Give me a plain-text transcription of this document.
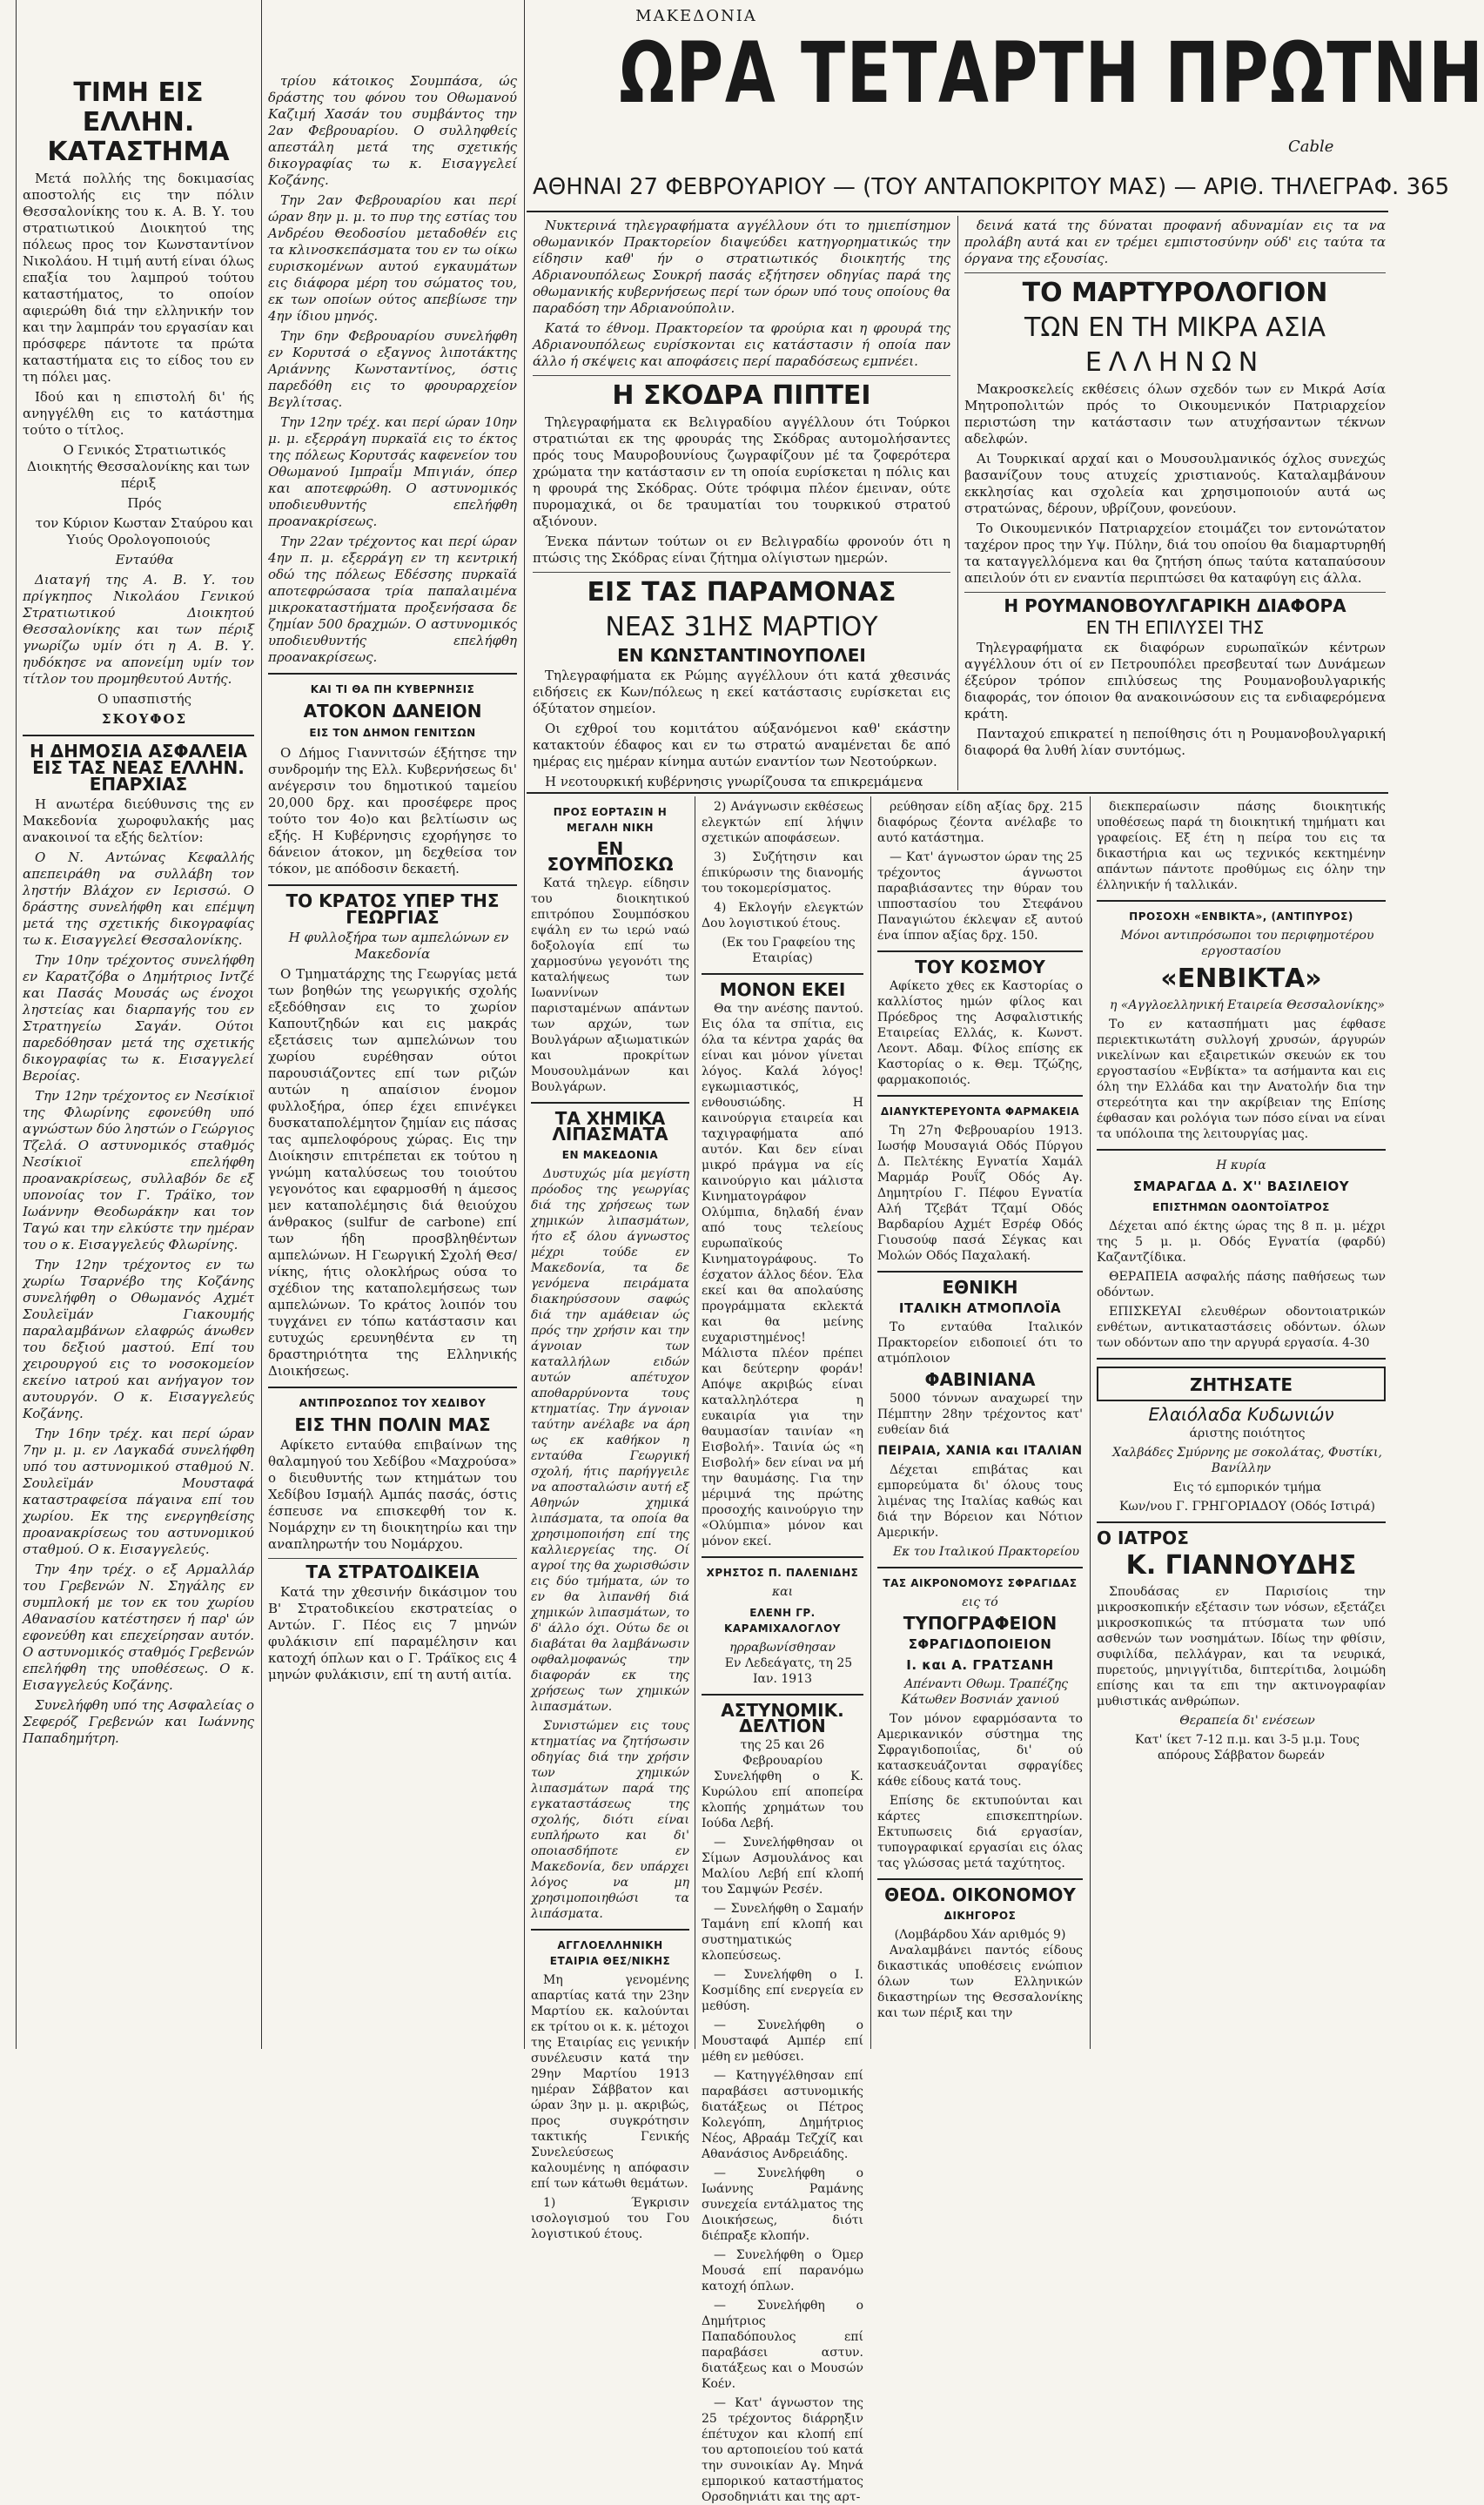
ΜΑΚΕΔΟΝΙΑ
ΩΡΑ ΤΕΤΑΡΤΗ ΠΡΩΤΝΗ
Cable
ΑΘΗΝΑΙ 27 ΦΕΒΡΟΥΑΡΙΟΥ — (ΤΟΥ ΑΝΤΑΠΟΚΡΙΤΟΥ ΜΑΣ) — ΑΡΙΘ. ΤΗΛΕΓΡΑΦ. 365
ΤΙΜΗ ΕΙΣ ΕΛΛΗΝ. ΚΑΤΑΣΤΗΜΑ

Μετά πολλής της δοκιμασίας αποστολής εις την πόλιν Θεσσαλονίκης του κ. Α. Β. Υ. του στρατιωτικού Διοικητού της πόλεως προς τον Κωνσταντίνον Νικολάου. Η τιμή αυτή είναι όλως επαξία του λαμπρού τούτου καταστήματος, το οποίον αφιερώθη διά την ελληνικήν τον και την λαμπράν του εργασίαν και πρόσφερε πάντοτε τα πρώτα καταστήματα εις το είδος του εν τη πόλει μας.

Ιδού και η επιστολή δι' ής ανηγγέλθη εις το κατάστημα τούτο ο τίτλος.

Ο Γενικός Στρατιωτικός Διοικητής Θεσσαλονίκης και των πέριξ

Πρός

τον Κύριον Κωσταν Σταύρου και Υιούς Ορολογοποιούς

Ενταύθα

Διαταγή της Α. Β. Υ. του πρίγκηπος Νικολάου Γενικού Στρατιωτικού Διοικητού Θεσσαλονίκης και των πέριξ γνωρίζω υμίν ότι η Α. Β. Υ. ηυδόκησε να απονείμη υμίν τον τίτλον του προμηθευτού Αυτής.

Ο υπασπιστής

ΣΚΟΥΦΟΣ

Η ΔΗΜΟΣΙΑ ΑΣΦΑΛΕΙΑ ΕΙΣ ΤΑΣ ΝΕΑΣ ΕΛΛΗΝ. ΕΠΑΡΧΙΑΣ

Η ανωτέρα διεύθυνσις της εν Μακεδονία χωροφυλακής μας ανακοινοί τα εξής δελτίον:

Ο Ν. Αντώνας Κεφαλλής απεπειράθη να συλλάβη τον ληστήν Βλάχον εν Ιερισσώ. Ο δράστης συνελήφθη και επέμψη μετά της σχετικής δικογραφίας τω κ. Εισαγγελεί Θεσσαλονίκης.

Την 10ην τρέχοντος συνελήφθη εν Καρατζόβα ο Δημήτριος Ιντζέ και Πασάς Μουσάς ως ένοχοι ληστείας και διαρπαγής του εν Στρατηγείω Σαγάν. Ούτοι παρεδόθησαν μετά της σχετικής δικογραφίας τω κ. Εισαγγελεί Βεροίας.

Την 12ην τρέχοντος εν Νεσίκιοϊ της Φλωρίνης εφονεύθη υπό αγνώστων δύο ληστών ο Γεώργιος Τζελά. Ο αστυνομικός σταθμός Νεσίκιοϊ επελήφθη προανακρίσεως, συλλαβόν δε εξ υπονοίας τον Γ. Τράϊκο, τον Ιωάννην Θεοδωράκην και τον Ταγώ και την ελκύστε την ημέραν του ο κ. Εισαγγελεύς Φλωρίνης.

Την 12ην τρέχοντος εν τω χωρίω Τσαρνέβο της Κοζάνης συνελήφθη ο Οθωμανός Αχμέτ Σουλεϊμάν Γιακουμής παραλαμβάνων ελαφρώς άνωθεν του δεξιού μαστού. Επί του χειρουργού εις το νοσοκομείον εκείνο ιατρού και ανήγαγον τον αυτουργόν. Ο κ. Εισαγγελεύς Κοζάνης.

Την 16ην τρέχ. και περί ώραν 7ην μ. μ. εν Λαγκαδά συνελήφθη υπό του αστυνομικού σταθμού Ν. Σουλεϊμάν Μουσταφά καταστραφείσα πάγαινα επί του χωρίου. Εκ της ενεργηθείσης προανακρίσεως του αστυνομικού σταθμού. Ο κ. Εισαγγελεύς.

Την 4ην τρέχ. ο εξ Αρμαλλάρ του Γρεβενών Ν. Σηγάλης εν συμπλοκή με τον εκ του χωρίου Αθανασίου κατέστησεν ή παρ' ών εφονεύθη και επεχείρησαν αυτόν. Ο αστυνομικός σταθμός Γρεβενών επελήφθη της υποθέσεως. Ο κ. Εισαγγελεύς Κοζάνης.

Συνελήφθη υπό της Ασφαλείας ο Σεφερόζ Γρεβενών και Ιωάννης Παπαδημήτρη.

τρίου κάτοικος Σουμπάσα, ώς δράστης του φόνου του Οθωμανού Καζιμή Χασάν του συμβάντος την 2αν Φεβρουαρίου. Ο συλληφθείς απεστάλη μετά της σχετικής δικογραφίας τω κ. Εισαγγελεί Κοζάνης.

Την 2αν Φεβρουαρίου και περί ώραν 8ην μ. μ. το πυρ της εστίας του Ανδρέου Θεοδοσίου μεταδοθέν εις τα κλινοσκεπάσματα του εν τω οίκω ευρισκομένων αυτού εγκαυμάτων εις διάφορα μέρη του σώματος του, εκ των οποίων ούτος απεβίωσε την 4ην ίδιου μηνός.

Την 6ην Φεβρουαρίου συνελήφθη εν Κορυτσά ο εξαγνος λιποτάκτης Αριάννης Κωνσταντίνος, όστις παρεδόθη εις το φρουραρχείον Βεγλίτσας.

Την 12ην τρέχ. και περί ώραν 10ην μ. μ. εξερράγη πυρκαϊά εις το έκτος της πόλεως Κορυτσάς καφενείον του Οθωμανού Ιμπραΐμ Μπιγιάν, όπερ και αποτεφρώθη. Ο αστυνομικός υποδιευθυντής επελήφθη προανακρίσεως.

Την 22αν τρέχοντος και περί ώραν 4ην π. μ. εξερράγη εν τη κεντρική οδώ της πόλεως Εδέσσης πυρκαϊά αποτεφρώσασα τρία παπαλαιμένα μικροκαταστήματα προξενήσασα δε ζημίαν 500 δραχμών. Ο αστυνομικός υποδιευθυντής επελήφθη προανακρίσεως.

ΚΑΙ ΤΙ ΘΑ ΠΗ ΚΥΒΕΡΝΗΣΙΣ
ΑΤΟΚΟΝ ΔΑΝΕΙΟΝ
ΕΙΣ ΤΟΝ ΔΗΜΟΝ ΓΕΝΙΤΣΩΝ

Ο Δήμος Γιαννιτσών έξήτησε την συνδρομήν της Ελλ. Κυβερνήσεως δι' ανέγερσιν του δημοτικού ταμείου 20,000 δρχ. και προσέφερε προς τούτο τον 4ο)ο και βελτίωσιν ως εξής. Η Κυβέρνησις εχορήγησε το δάνειον άτοκον, μη δεχθείσα τον τόκον, με απόδοσιν δεκαετή.

ΤΟ ΚΡΑΤΟΣ ΥΠΕΡ ΤΗΣ ΓΕΩΡΓΙΑΣ

Η φυλλοξήρα των αμπελώνων εν Μακεδονία

Ο Τμηματάρχης της Γεωργίας μετά των βοηθών της γεωργικής σχολής εξεδόθησαν εις το χωρίον Καπουτζηδών και εις μακράς εξετάσεις των αμπελώνων του χωρίου ευρέθησαν ούτοι παρουσιάζοντες επί των ριζών αυτών η απαίσιον ένομον φυλλοξήρα, όπερ έχει επινέγκει δυσκαταπολέμητον ζημίαν εις πάσας τας αμπελοφόρους χώρας. Εις την Διοίκησιν επιτρέπεται εκ τούτου η γνώμη καταλύσεως του τοιούτου γεγονότος και εφαρμοσθή η άμεσος μεν καταπολέμησις διά θειούχου άνθρακος (sulfur de carbone) επί των ήδη προσβληθέντων αμπελώνων. Η Γεωργική Σχολή Θεσ/νίκης, ήτις ολοκλήρως ούσα το σχέδιον της καταπολεμήσεως των αμπελώνων. Το κράτος λοιπόν του τυγχάνει εν τόπω κατάστασιν και ευτυχώς ερευνηθέντα εν τη δραστηριότητα της Ελληνικής Διοικήσεως.

ΑΝΤΙΠΡΟΣΩΠΟΣ ΤΟΥ ΧΕΔΙΒΟΥ
ΕΙΣ ΤΗΝ ΠΟΛΙΝ ΜΑΣ

Αφίκετο ενταύθα επιβαίνων της θαλαμηγού του Χεδίβου «Μαχρούσα» ο διευθυντής των κτημάτων του Χεδίβου Ισμαήλ Αμπάς πασάς, όστις έσπευσε να επισκεφθή τον κ. Νομάρχην εν τη διοικητηρίω και την αναπληρωτήν του Νομάρχου.

ΤΑ ΣΤΡΑΤΟΔΙΚΕΙΑ

Κατά την χθεσινήν δικάσιμον του Β' Στρατοδικείου εκστρατείας ο Αντών. Γ. Πέος εις 7 μηνών φυλάκισιν επί παραμέλησιν και κατοχή όπλων και ο Γ. Τράϊκος εις 4 μηνών φυλάκισιν, επί τη αυτή αιτία.

Νυκτερινά τηλεγραφήματα αγγέλλουν ότι το ημιεπίσημον οθωμανικόν Πρακτορείον διαψεύδει κατηγορηματικώς την είδησιν καθ' ήν ο στρατιωτικός διοικητής της Αδριανουπόλεως Σουκρή πασάς εξήτησεν οδηγίας παρά της οθωμανικής κυβερνήσεως περί των όρων υπό τους οποίους θα παραδόση την Αδριανούπολιν.

Κατά το έθνομ. Πρακτορείον τα φρούρια και η φρουρά της Αδριανουπόλεως ευρίσκονται εις κατάστασιν ή οποία παν άλλο ή σκέψεις και αποφάσεις περί παραδόσεως εμπνέει.

Η ΣΚΟΔΡΑ ΠΙΠΤΕΙ

Τηλεγραφήματα εκ Βελιγραδίου αγγέλλουν ότι Τούρκοι στρατιώται εκ της φρουράς της Σκόδρας αυτομολήσαντες πρός τους Μαυροβουνίους ζωγραφίζουν μέ τα ζοφερότερα χρώματα την κατάστασιν εν τη οποία ευρίσκεται η πόλις και η φρουρά της Σκόδρας. Ούτε τρόφιμα πλέον έμειναν, ούτε πυρομαχικά, οι δε τραυματίαι του τουρκικού στρατού αξιόνουν.

Ένεκα πάντων τούτων οι εν Βελιγραδίω φρονούν ότι η πτώσις της Σκόδρας είναι ζήτημα ολίγιστων ημερών.

ΕΙΣ ΤΑΣ ΠΑΡΑΜΟΝΑΣ
ΝΕΑΣ 31ΗΣ ΜΑΡΤΙΟΥ
ΕΝ ΚΩΝΣΤΑΝΤΙΝΟΥΠΟΛΕΙ

Τηλεγραφήματα εκ Ρώμης αγγέλλουν ότι κατά χθεσινάς ειδήσεις εκ Κων/πόλεως η εκεί κατάστασις ευρίσκεται εις όξύτατον σημείον.

Οι εχθροί του κομιτάτου αύξανόμενοι καθ' εκάστην κατακτούν έδαφος και εν τω στρατώ αναμένεται δε από ημέρας εις ημέραν κίνημα αυτών εναντίον των Νεοτούρκων.

Η νεοτουρκική κυβέρνησις γνωρίζουσα τα επικρεμάμενα

δεινά κατά της δύναται προφανή αδυναμίαν εις τα να προλάβη αυτά και εν τρέμει εμπιστοσύνην ούδ' εις ταύτα τα όργανα της εξουσίας.

ΤΟ ΜΑΡΤΥΡΟΛΟΓΙΟΝ
ΤΩΝ ΕΝ ΤΗ ΜΙΚΡΑ ΑΣΙΑ
ΕΛΛΗΝΩΝ

Μακροσκελείς εκθέσεις όλων σχεδόν των εν Μικρά Ασία Μητροπολιτών πρός το Οικουμενικόν Πατριαρχείον περιστώση την κατάστασιν των ατυχήσαντων τέκνων αδελφών.

Αι Τουρκικαί αρχαί και ο Μουσουλμανικός όχλος συνεχώς βασανίζουν τους ατυχείς χριστιανούς. Καταλαμβάνουν εκκλησίας και σχολεία και χρησιμοποιούν αυτά ως στρατώνας, δέρουν, υβρίζουν, φονεύουν.

Το Οικουμενικόν Πατριαρχείον ετοιμάζει τον εντονώτατον ταχέρον προς την Υψ. Πύλην, διά του οποίου θα διαμαρτυρηθή τα καταγγελλόμενα και θα ζητήση όπως ταύτα καταπαύσουν απειλούν ότι εν εναντία περιπτώσει θα καταφύγη εις άλλα.

Η ΡΟΥΜΑΝΟΒΟΥΛΓΑΡΙΚΗ ΔΙΑΦΟΡΑ
ΕΝ ΤΗ ΕΠΙΛΥΣΕΙ ΤΗΣ

Τηλεγραφήματα εκ διαφόρων ευρωπαϊκών κέντρων αγγέλλουν ότι οί εν Πετρουπόλει πρεσβευταί των Δυνάμεων έξεύρον τρόπον επιλύσεως της Ρουμανοβουλγαρικής διαφοράς, τον όποιον θα ανακοινώσουν εις τα ενδιαφερόμενα κράτη.

Πανταχού επικρατεί η πεποίθησις ότι η Ρουμανοβουλγαρική διαφορά θα λυθή λίαν συντόμως.

ΠΡΟΣ ΕΟΡΤΑΣΙΝ Η ΜΕΓΑΛΗ ΝΙΚΗ
ΕΝ ΣΟΥΜΠΟΣΚΩ

Κατά τηλεγρ. είδησιν του διοικητικού επιτρόπου Σουμπόσκου εψάλη εν τω ιερώ ναώ δοξολογία επί τω χαρμοσύνω γεγονότι της καταλήψεως των Ιωαννίνων παρισταμένων απάντων των αρχών, των Βουλγάρων αξιωματικών και προκρίτων Μουσουλμάνων και Βουλγάρων.

ΤΑ ΧΗΜΙΚΑ ΛΙΠΑΣΜΑΤΑ
ΕΝ ΜΑΚΕΔΟΝΙΑ

Δυστυχώς μία μεγίστη πρόοδος της γεωργίας διά της χρήσεως των χημικών λιπασμάτων, ήτο εξ όλου άγνωστος μέχρι τούδε εν Μακεδονία, τα δε γενόμενα πειράματα διακηρύσσουν σαφώς διά την αμάθειαν ώς πρός την χρήσιν και την άγνοιαν των καταλλήλων ειδών αυτών απέτυχον αποθαρρύνοντα τους κτηματίας. Την άγνοιαν ταύτην ανέλαβε να άρη ως εκ καθήκον η ενταύθα Γεωργική σχολή, ήτις παρήγγειλε να αποσταλώσιν αυτή εξ Αθηνών χημικά λιπάσματα, τα οποία θα χρησιμοποιήση επί της καλλιεργείας της. Οί αγροί της θα χωρισθώσιν εις δύο τμήματα, ών το εν θα λιπανθή διά χημικών λιπασμάτων, το δ' άλλο όχι. Ούτω δε οι διαβάται θα λαμβάνωσιν οφθαλμοφανώς την διαφοράν εκ της χρήσεως των χημικών λιπασμάτων.

Συνιστώμεν εις τους κτηματίας να ζητήσωσιν οδηγίας διά την χρήσιν των χημικών λιπασμάτων παρά της εγκαταστάσεως της σχολής, διότι είναι ευπλήρωτο και δι' οποιασδήποτε εν Μακεδονία, δεν υπάρχει λόγος να μη χρησιμοποιηθώσι τα λιπάσματα.

ΑΓΓΛΟΕΛΛΗΝΙΚΗ ΕΤΑΙΡΙΑ ΘΕΣ/ΝΙΚΗΣ

Μη γενομένης απαρτίας κατά την 23ην Μαρτίου εκ. καλούνται εκ τρίτου οι κ. κ. μέτοχοι της Εταιρίας εις γενικήν συνέλευσιν κατά την 29ην Μαρτίου 1913 ημέραν Σάββατον και ώραν 3ην μ. μ. ακριβώς, προς συγκρότησιν τακτικής Γενικής Συνελεύσεως καλουμένης η απόφασιν επί των κάτωθι θεμάτων.

1) Έγκρισιν ισολογισμού του Γου λογιστικού έτους.

2) Ανάγνωσιν εκθέσεως ελεγκτών επί λήψιν σχετικών αποφάσεων.

3) Συζήτησιν και έπικύρωσιν της διανομής του τοκομερίσματος.

4) Εκλογήν ελεγκτών Δου λογιστικού έτους.

(Εκ του Γραφείου της Εταιρίας)

ΜΟΝΟΝ ΕΚΕΙ

Θα την ανέσης παντού. Εις όλα τα σπίτια, εις όλα τα κέντρα χαράς θα είναι και μόνον γίνεται λόγος. Καλά λόγος! εγκωμιαστικός, ενθουσιώδης. Η καινούργια εταιρεία και ταχιγραφήματα από αυτόν. Και δεν είναι μικρό πράγμα να είς καινούργιο και μάλιστα Κινηματογράφον Ολύμπια, δηλαδή έναν από τους τελείους ευρωπαϊκούς Κινηματογράφους. Το έσχατον άλλος δέον. Έλα εκεί και θα απολαύσης προγράμματα εκλεκτά και θα μείνης ευχαριστημένος! Μάλιστα πλέον πρέπει και δεύτερην φοράν! Απόψε ακριβώς είναι καταλληλότερα η ευκαιρία για την θαυμασίαν ταινίαν «η Εισβολή». Ταινία ώς «η Εισβολή» δεν είναι να μή την θαυμάσης. Για την μέριμνά της πρώτης προσοχής καινούργιο την «Ολύμπια» μόνον και μόνον εκεί.

ΧΡΗΣΤΟΣ Π. ΠΑΛΕΝΙΔΗΣ
και
ΕΛΕΝΗ ΓΡ. ΚΑΡΑΜΙΧΑΛΟΓΛΟΥ
ηρραβωνίσθησαν

Εν Λεδεάγατς, τη 25 Ιαν. 1913

ΑΣΤΥΝΟΜΙΚ. ΔΕΛΤΙΟΝ
της 25 και 26 Φεβρουαρίου

Συνελήφθη ο Κ. Κυρώλου επί αποπείρα κλοπής χρημάτων του Ιούδα Λεβή.

— Συνελήφθησαν οι Σίμων Ασμουλάνος και Μαλίου Λεβή επί κλοπή του Σαμψών Ρεσέν.

— Συνελήφθη ο Σαμαήν Ταμάνη επί κλοπή και συστηματικώς κλοπεύσεως.

— Συνελήφθη ο Ι. Κοσμίδης επί ενεργεία εν μεθύση.

— Συνελήφθη ο Μουσταφά Αμπέρ επί μέθη εν μεθύσει.

— Κατηγγέλθησαν επί παραβάσει αστυνομικής διατάξεως οι Πέτρος Κολεγόπη, Δημήτριος Νέος, Αβραάμ Τεζχίζ και Αθανάσιος Ανδρειάδης.

— Συνελήφθη ο Ιωάννης Ραμάνης συνεχεία εντάλματος της Διοικήσεως, διότι διέπραξε κλοπήν.

— Συνελήφθη ο Όμερ Μουσά επί παρανόμω κατοχή όπλων.

— Συνελήφθη ο Δημήτριος Παπαδόπουλος επί παραβάσει αστυν. διατάξεως και ο Μουσών Κοέν.

— Κατ' άγνωστον της 25 τρέχοντος διάρρηξιν έπέτυχον και κλοπή επί του αρτοποιείου τού κατά την συνοικίαν Αγ. Μηνά εμπορικού καταστήματος Ορσοδηνιάτι και της αρτ-

ρεύθησαν είδη αξίας δρχ. 215 διαφόρως ζέοντα ανέλαβε το αυτό κατάστημα.

— Κατ' άγνωστον ώραν της 25 τρέχοντος άγνωστοι παραβιάσαντες την θύραν του ιπποστασίου του Στεφάνου Παναγιώτου έκλεψαν εξ αυτού ένα ίππον αξίας δρχ. 150.

ΤΟΥ ΚΟΣΜΟΥ

Αφίκετο χθες εκ Καστορίας ο καλλίστος ημών φίλος και Πρόεδρος της Ασφαλιστικής Εταιρείας Ελλάς, κ. Κωνστ. Λεοντ. Αδαμ. Φίλος επίσης εκ Καστορίας ο κ. Θεμ. Τζώζης, φαρμακοποιός.

ΔΙΑΝΥΚΤΕΡΕΥΟΝΤΑ ΦΑΡΜΑΚΕΙΑ

Τη 27η Φεβρουαρίου 1913. Ιωσήφ Μουσαγιά Οδός Πύργου Δ. Πελτέκης Εγνατία Χαμάλ Μαρμάρ Ρουΐζ Οδός Αγ. Δημητρίου Γ. Πέφου Εγνατία Αλή Τζεβάτ Τζαμί Οδός Βαρδαρίου Αχμέτ Εσρέφ Οδός Γιουσούφ πασά Σέγκας και Μολών Οδός Παχαλακή.

ΕΘΝΙΚΗ
ΙΤΑΛΙΚΗ ΑΤΜΟΠΛΟΪΑ

Το ενταύθα Ιταλικόν Πρακτορείον ειδοποιεί ότι το ατμόπλοιον

ΦΑΒΙΝΙΑΝΑ

5000 τόννων αναχωρεί την Πέμπτην 28ην τρέχοντος κατ' ευθείαν διά

ΠΕΙΡΑΙΑ, ΧΑΝΙΑ και ΙΤΑΛΙΑΝ

Δέχεται επιβάτας και εμπορεύματα δι' όλους τους λιμένας της Ιταλίας καθώς και διά την Βόρειον και Νότιον Αμερικήν.

Εκ του Ιταλικού Πρακτορείου

ΤΑΣ ΑΙΚΡΟΝΟΜΟΥΣ ΣΦΡΑΓΙΔΑΣ
εις τό
ΤΥΠΟΓΡΑΦΕΙΟΝ
ΣΦΡΑΓΙΔΟΠΟΙΕΙΟΝ
Ι. και Α. ΓΡΑΤΣΑΝΗ

Απέναντι Οθωμ. Τραπέζης Κάτωθεν Βοσνιάν χανιού

Τον μόνον εφαρμόσαντα το Αμερικανικόν σύστημα της Σφραγιδοποιΐας, δι' ού κατασκευάζονται σφραγίδες κάθε είδους κατά τους.

Επίσης δε εκτυπούνται και κάρτες επισκεπτηρίων. Εκτυπωσεις διά εργασίαν, τυπογραφικαί εργασίαι εις όλας τας γλώσσας μετά ταχύτητος.

ΘΕΟΔ. ΟΙΚΟΝΟΜΟΥ
ΔΙΚΗΓΟΡΟΣ
(Λομβάρδου Χάν αριθμός 9)

Αναλαμβάνει παντός είδους δικαστικάς υποθέσεις ενώπιον όλων των Ελληνικών δικαστηρίων της Θεσσαλονίκης και των πέριξ και την

διεκπεραίωσιν πάσης διοικητικής υποθέσεως παρά τη διοικητική τημήματι και γραφείοις. Εξ έτη η πείρα του εις τα δικαστήρια και ως τεχνικός κεκτημένην απάντων πάντοτε προθύμως εις όλην την έλληνικήν ή ταλλικάν.

ΠΡΟΣΟΧΗ «ΕΝΒΙΚΤΑ», (ΑΝΤΙΠΥΡΟΣ)

Μόνοι αντιπρόσωποι του περιφημοτέρου εργοστασίου

«ΕΝΒΙΚΤΑ»

η «Αγγλοελληνική Εταιρεία Θεσσαλονίκης»

Το εν κατασπήματι μας έφθασε περιεκτικωτάτη συλλογή χρυσών, άργυρών νικελίνων και εξαιρετικών σκευών εκ του εργοστασίου «Ενβίκτα» τα ασήμαντα και εις όλη την Ελλάδα και την Ανατολήν δια την στερεότητα και την ακρίβειαν της Επίσης έφθασαν και ρολόγια των πόσο είναι να είναι τα υπόλοιπα της λειτουργίας μας.

Η κυρία
ΣΜΑΡΑΓΔΑ Δ. Χ'' ΒΑΣΙΛΕΙΟΥ
ΕΠΙΣΤΗΜΩΝ ΟΔΟΝΤΟΪΑΤΡΟΣ

Δέχεται από έκτης ώρας της 8 π. μ. μέχρι της 5 μ. μ. Οδός Εγνατία (φαρδύ) Καζαντζίδικα.

ΘΕΡΑΠΕΙΑ ασφαλής πάσης παθήσεως των οδόντων.

ΕΠΙΣΚΕΥΑΙ ελευθέρων οδοντοιατρικών ενθέτων, αντικαταστάσεις οδόντων. όλων των οδόντων απο την αργυρά εργασία. 4-30

ΖΗΤΗΣΑΤΕ
Ελαιόλαδα Κυδωνιών

άριστης ποιότητος

Χαλβάδες Σμύρνης με σοκολάτας, Φυστίκι, Βανίλλην

Εις τό εμπορικόν τμήμα

Κων/νου Γ. ΓΡΗΓΟΡΙΑΔΟΥ (Οδός Ιστιρά)

Ο ΙΑΤΡΟΣ
Κ. ΓΙΑΝΝΟΥΔΗΣ

Σπουδάσας εν Παρισίοις την μικροσκοπικήν εξέτασιν των νόσων, εξετάζει μικροσκοπικώς τα πτύσματα των υπό ασθενών των νοσημάτων. Ιδίως την φθίσιν, συφιλίδα, πελλάγραν, και τα νευρικά, πυρετούς, μηνιγγίτιδα, διπτερίτιδα, λοιμώδη επίσης και τα επι την ακτινογραφίαν μυθιστικάς ανθρώπων.

Θεραπεία δι' ενέσεων

Κατ' ίκετ 7-12 π.μ. και 3-5 μ.μ. Τους απόρους Σάββατον δωρεάν
